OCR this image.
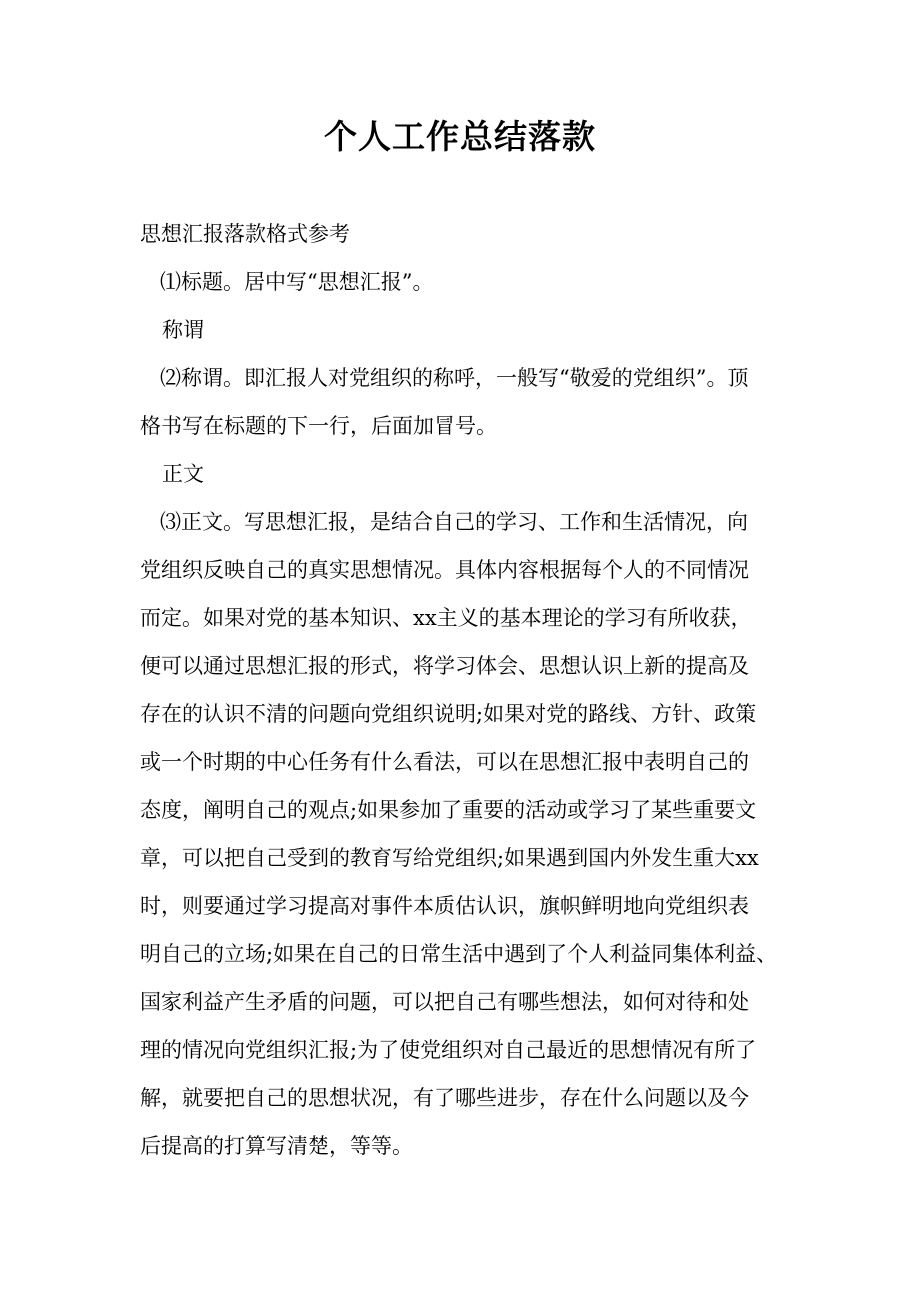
个人工作总结落款
思想汇报落款格式参考
⑴标题。居中写“思想汇报”。
称谓
⑵称谓。即汇报人对党组织的称呼，一般写“敬爱的党组织”。顶
格书写在标题的下一行，后面加冒号。
正文
⑶正文。写思想汇报，是结合自己的学习、工作和生活情况，向
党组织反映自己的真实思想情况。具体内容根据每个人的不同情况
而定。如果对党的基本知识、xx主义的基本理论的学习有所收获，
便可以通过思想汇报的形式，将学习体会、思想认识上新的提高及
存在的认识不清的问题向党组织说明;如果对党的路线、方针、政策
或一个时期的中心任务有什么看法，可以在思想汇报中表明自己的
态度，阐明自己的观点;如果参加了重要的活动或学习了某些重要文
章，可以把自己受到的教育写给党组织;如果遇到国内外发生重大xx
时，则要通过学习提高对事件本质估认识，旗帜鲜明地向党组织表
明自己的立场;如果在自己的日常生活中遇到了个人利益同集体利益、
国家利益产生矛盾的问题，可以把自己有哪些想法，如何对待和处
理的情况向党组织汇报;为了使党组织对自己最近的思想情况有所了
解，就要把自己的思想状况，有了哪些进步，存在什么问题以及今
后提高的打算写清楚，等等。
